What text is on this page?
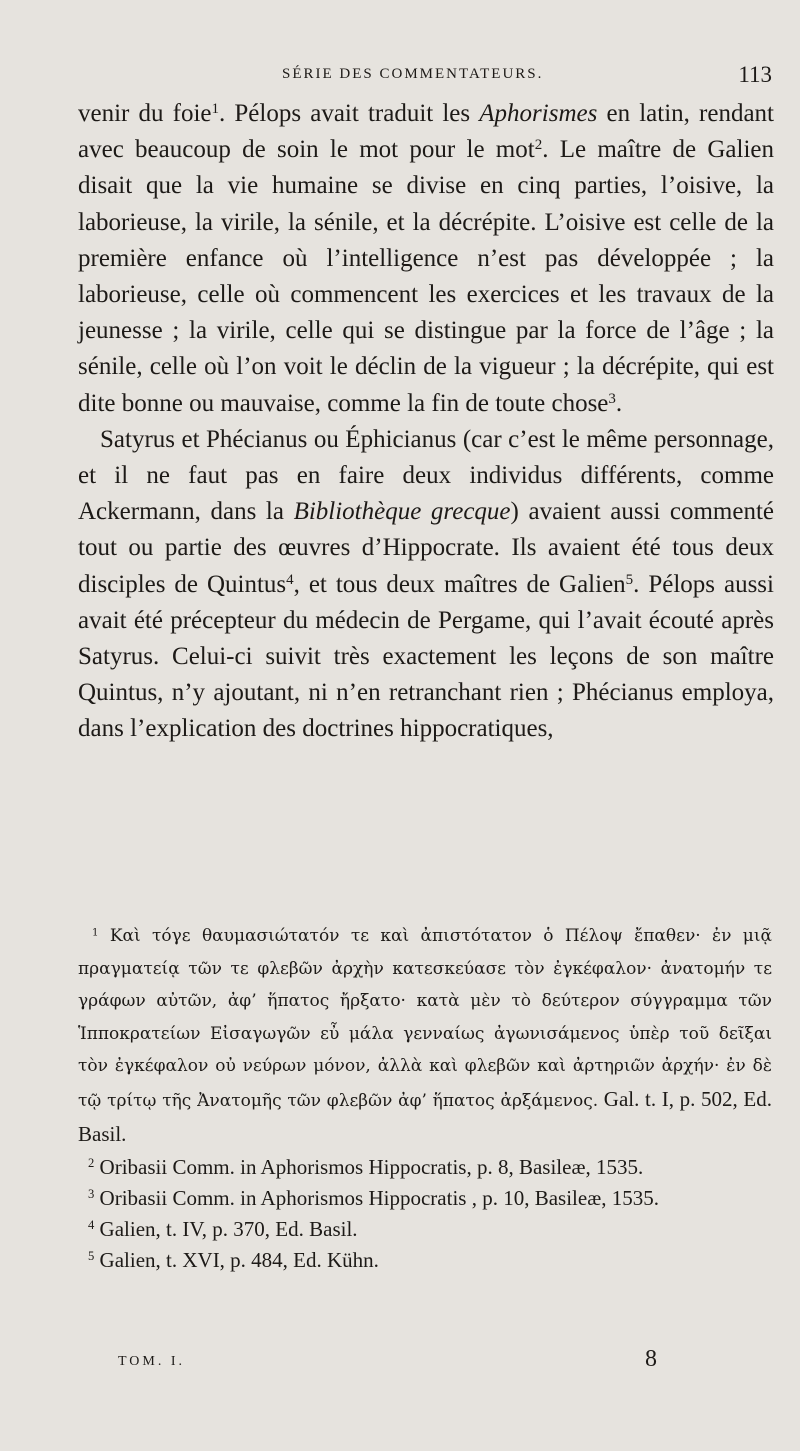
SÉRIE DES COMMENTATEURS.	113

venir du foie$^1$. Pélops avait traduit les Aphorismes en latin, rendant avec beaucoup de soin le mot pour le mot$^2$. Le maître de Galien disait que la vie humaine se divise en cinq parties, l’oisive, la laborieuse, la virile, la sénile, et la décrépite. L’oisive est celle de la première enfance où l’intelligence n’est pas développée ; la laborieuse, celle où commencent les exercices et les travaux de la jeunesse ; la virile, celle qui se distingue par la force de l’âge ; la sénile, celle où l’on voit le déclin de la vigueur ; la décrépite, qui est dite bonne ou mauvaise, comme la fin de toute chose$^3$.

Satyrus et Phécianus ou Éphicianus (car c’est le même personnage, et il ne faut pas en faire deux individus différents, comme Ackermann, dans la Bibliothèque grecque) avaient aussi commenté tout ou partie des œuvres d’Hippocrate. Ils avaient été tous deux disciples de Quintus$^4$, et tous deux maîtres de Galien$^5$. Pélops aussi avait été précepteur du médecin de Pergame, qui l’avait écouté après Satyrus. Celui-ci suivit très exactement les leçons de son maître Quintus, n’y ajoutant, ni n’en retranchant rien ; Phécianus employa, dans l’explication des doctrines hippocratiques,

$^1$ Καὶ τόγε θαυμασιώτατόν τε καὶ ἀπιστότατον ὁ Πέλοψ ἔπαθεν· ἐν μιᾷ πραγματείᾳ τῶν τε φλεβῶν ἀρχὴν κατεσκεύασε τὸν ἐγκέφαλον· ἀνατομήν τε γράφων αὐτῶν, ἀφ’ ἥπατος ἤρξατο· κατὰ μὲν τὸ δεύτερον σύγγραμμα τῶν Ἱπποκρατείων Εἰσαγωγῶν εὖ μάλα γενναίως ἀγωνισάμενος ὑπὲρ τοῦ δεῖξαι τὸν ἐγκέφαλον οὐ νεύρων μόνον, ἀλλὰ καὶ φλεβῶν καὶ ἀρτηριῶν ἀρχήν· ἐν δὲ τῷ τρίτῳ τῆς Ἀνατομῆς τῶν φλεβῶν ἀφ’ ἥπατος ἀρξάμενος. Gal. t. I, p. 502, Ed. Basil.

$^2$ Oribasii Comm. in Aphorismos Hippocratis, p. 8, Basileæ, 1535.

$^3$ Oribasii Comm. in Aphorismos Hippocratis , p. 10, Basileæ, 1535.

$^4$ Galien, t. IV, p. 370, Ed. Basil.

$^5$ Galien, t. XVI, p. 484, Ed. Kühn.

TOM. I.	8
